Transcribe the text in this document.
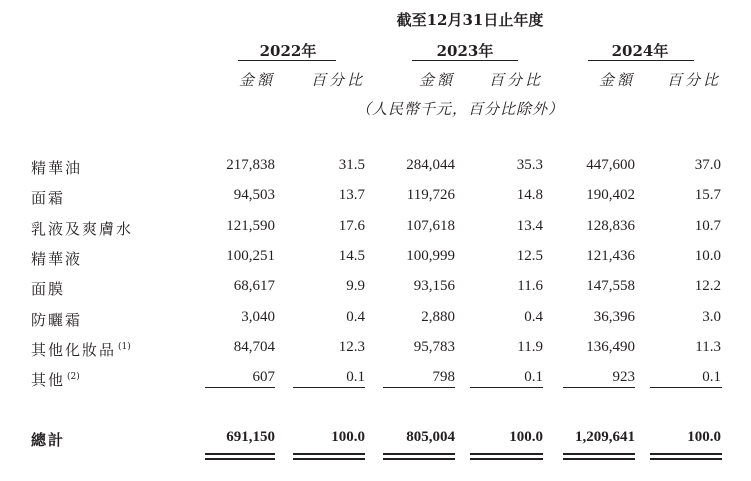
截至12月31日止年度
2022年	2023年	2024年
金額	百分比	金額	百分比	金額	百分比
（人民幣千元，百分比除外）
精華油	217,838	31.5	284,044	35.3	447,600	37.0
面霜	94,503	13.7	119,726	14.8	190,402	15.7
乳液及爽膚水	121,590	17.6	107,618	13.4	128,836	10.7
精華液	100,251	14.5	100,999	12.5	121,436	10.0
面膜	68,617	9.9	93,156	11.6	147,558	12.2
防曬霜	3,040	0.4	2,880	0.4	36,396	3.0
其他化妝品 $^{(1)}$	84,704	12.3	95,783	11.9	136,490	11.3
其他 $^{(2)}$	607	0.1	798	0.1	923	0.1
總計	691,150	100.0	805,004	100.0	1,209,641	100.0
